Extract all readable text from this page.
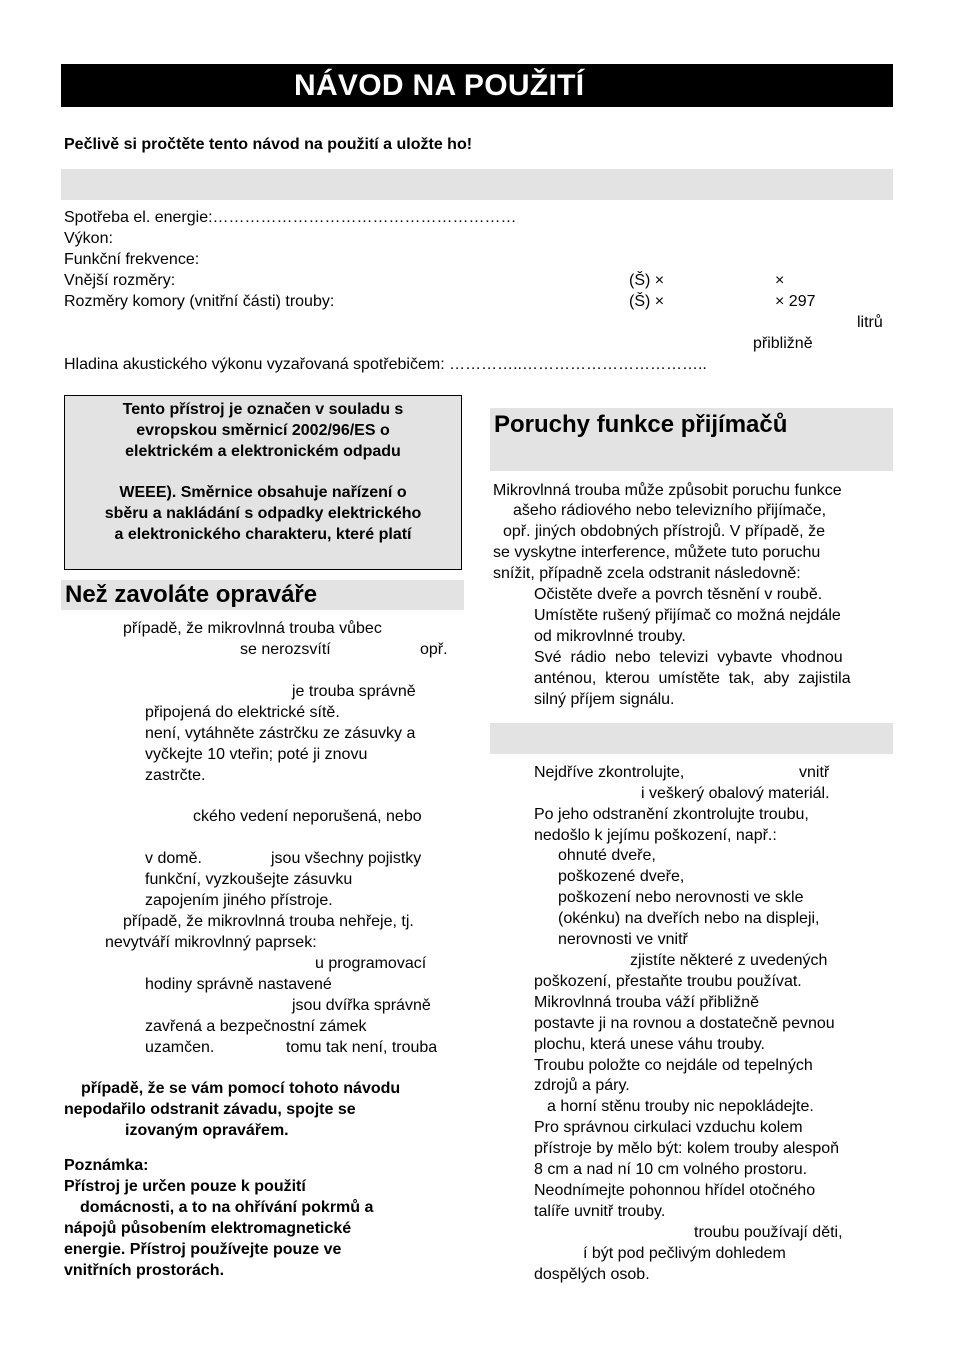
NÁVOD NA POUŽITÍ
Pečlivě si pročtěte tento návod na použití a uložte ho!
Spotřeba el. energie:…………………………………………………
Výkon:
Funkční frekvence:
Vnější rozměry:	(Š) ×	×
Rozměry komory (vnitřní části) trouby:	(Š) ×	× 297
litrů
přibližně
Hladina akustického výkonu vyzařovaná spotřebičem: …………..……………………………..
Tento přístroj je označen v souladu s
evropskou směrnicí 2002/96/ES o
elektrickém a elektronickém odpadu
WEEE). Směrnice obsahuje nařízení o
sběru a nakládání s odpadky elektrického
a elektronického charakteru, které platí
Než zavoláte opraváře
případě, že mikrovlnná trouba vůbec
se nerozsvítí	opř.
je trouba správně
připojená do elektrické sítě.
není, vytáhněte zástrčku ze zásuvky a
vyčkejte 10 vteřin; poté ji znovu
zastrčte.
ckého vedení neporušená, nebo
v domě.	jsou všechny pojistky
funkční, vyzkoušejte zásuvku
zapojením jiného přístroje.
případě, že mikrovlnná trouba nehřeje, tj.
nevytváří mikrovlnný paprsek:
u programovací
hodiny správně nastavené
jsou dvířka správně
zavřená a bezpečnostní zámek
uzamčen.	tomu tak není, trouba
případě, že se vám pomocí tohoto návodu
nepodařilo odstranit závadu, spojte se
izovaným opravářem.
Poznámka:
Přístroj je určen pouze k použití
domácnosti, a to na ohřívání pokrmů a
nápojů působením elektromagnetické
energie. Přístroj používejte pouze ve
vnitřních prostorách.
Poruchy funkce přijímačů
Mikrovlnná trouba může způsobit poruchu funkce
ašeho rádiového nebo televizního přijímače,
opř. jiných obdobných přístrojů. V případě, že
se vyskytne interference, můžete tuto poruchu
snížit, případně zcela odstranit následovně:
Očistěte dveře a povrch těsnění v roubě.
Umístěte rušený přijímač co možná nejdále
od mikrovlnné trouby.
Své  rádio  nebo  televizi  vybavte  vhodnou
anténou,  kterou  umístěte  tak,  aby  zajistila
silný příjem signálu.
Nejdříve zkontrolujte,	vnitř
i veškerý obalový materiál.
Po jeho odstranění zkontrolujte troubu,
nedošlo k jejímu poškození, např.:
ohnuté dveře,
poškozené dveře,
poškození nebo nerovnosti ve skle
(okénku) na dveřích nebo na displeji,
nerovnosti ve vnitř
zjistíte některé z uvedených
poškození, přestaňte troubu používat.
Mikrovlnná trouba váží přibližně
postavte ji na rovnou a dostatečně pevnou
plochu, která unese váhu trouby.
Troubu položte co nejdále od tepelných
zdrojů a páry.
a horní stěnu trouby nic nepokládejte.
Pro správnou cirkulaci vzduchu kolem
přístroje by mělo být: kolem trouby alespoň
8 cm a nad ní 10 cm volného prostoru.
Neodnímejte pohonnou hřídel otočného
talíře uvnitř trouby.
troubu používají děti,
í být pod pečlivým dohledem
dospělých osob.
